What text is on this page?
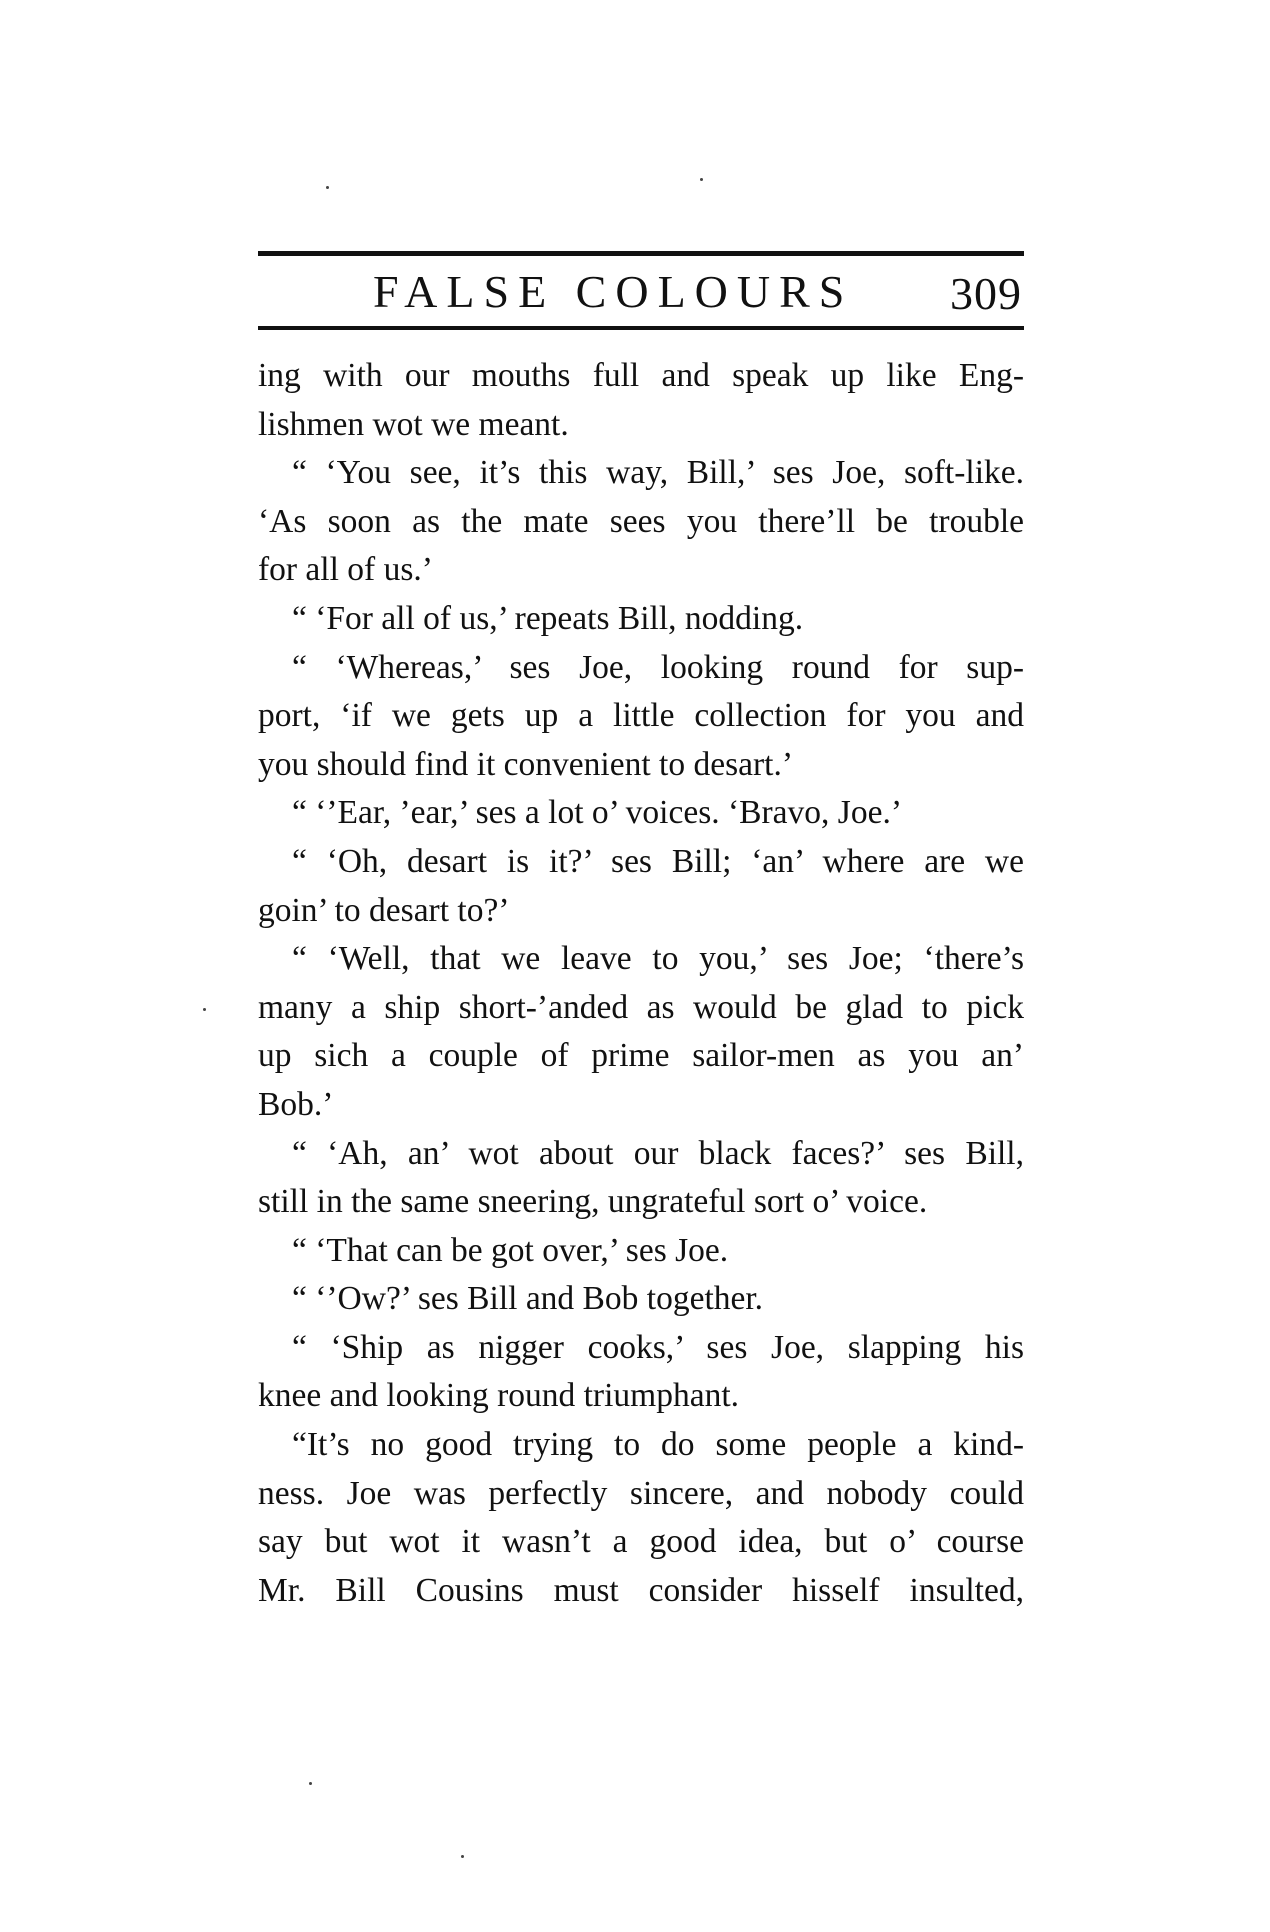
FALSE COLOURS 309
ing with our mouths full and speak up like Eng-
lishmen wot we meant.
“ ‘You see, it’s this way, Bill,’ ses Joe, soft-like.
‘As soon as the mate sees you there’ll be trouble
for all of us.’
“ ‘For all of us,’ repeats Bill, nodding.
“ ‘Whereas,’ ses Joe, looking round for sup-
port, ‘if we gets up a little collection for you and
you should find it convenient to desart.’
“ ‘’Ear, ’ear,’ ses a lot o’ voices. ‘Bravo, Joe.’
“ ‘Oh, desart is it?’ ses Bill; ‘an’ where are we
goin’ to desart to?’
“ ‘Well, that we leave to you,’ ses Joe; ‘there’s
many a ship short-’anded as would be glad to pick
up sich a couple of prime sailor-men as you an’
Bob.’
“ ‘Ah, an’ wot about our black faces?’ ses Bill,
still in the same sneering, ungrateful sort o’ voice.
“ ‘That can be got over,’ ses Joe.
“ ‘’Ow?’ ses Bill and Bob together.
“ ‘Ship as nigger cooks,’ ses Joe, slapping his
knee and looking round triumphant.
“It’s no good trying to do some people a kind-
ness. Joe was perfectly sincere, and nobody could
say but wot it wasn’t a good idea, but o’ course
Mr. Bill Cousins must consider hisself insulted,
